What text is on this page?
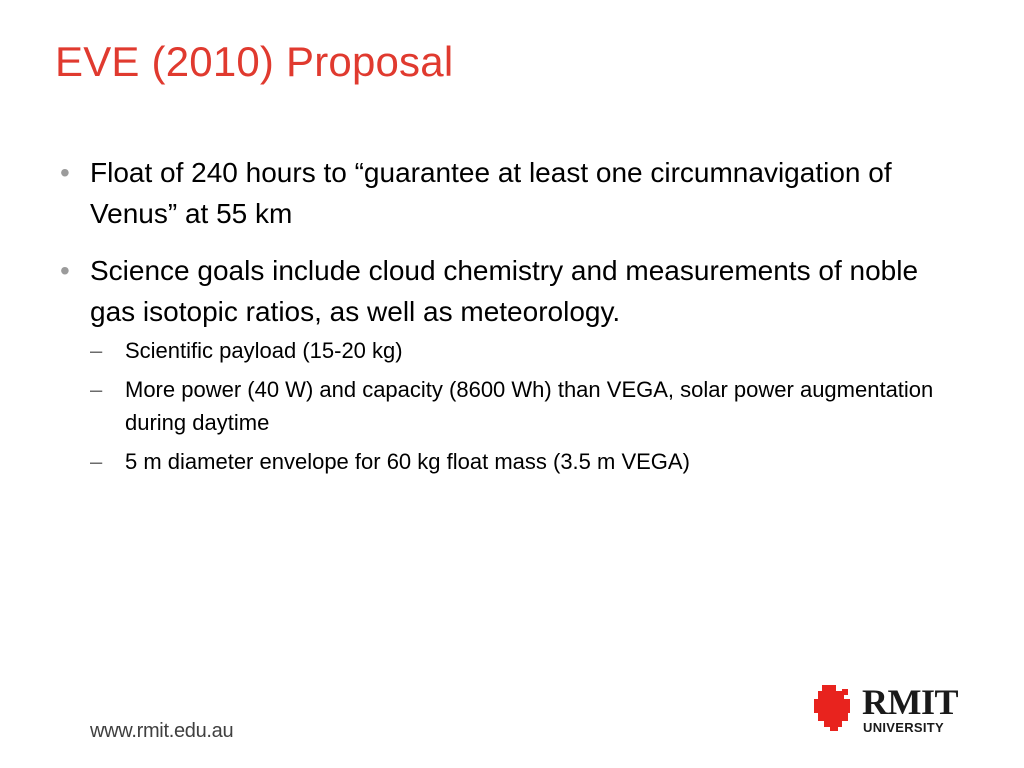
EVE (2010) Proposal
• Float of 240 hours to “guarantee at least one circumnavigation of Venus” at 55 km
• Science goals include cloud chemistry and measurements of noble gas isotopic ratios, as well as meteorology.
– Scientific payload (15-20 kg)
– More power (40 W) and capacity (8600 Wh) than VEGA, solar power augmentation during daytime
– 5 m diameter envelope for 60 kg float mass (3.5 m VEGA)
www.rmit.edu.au
RMIT
UNIVERSITY
